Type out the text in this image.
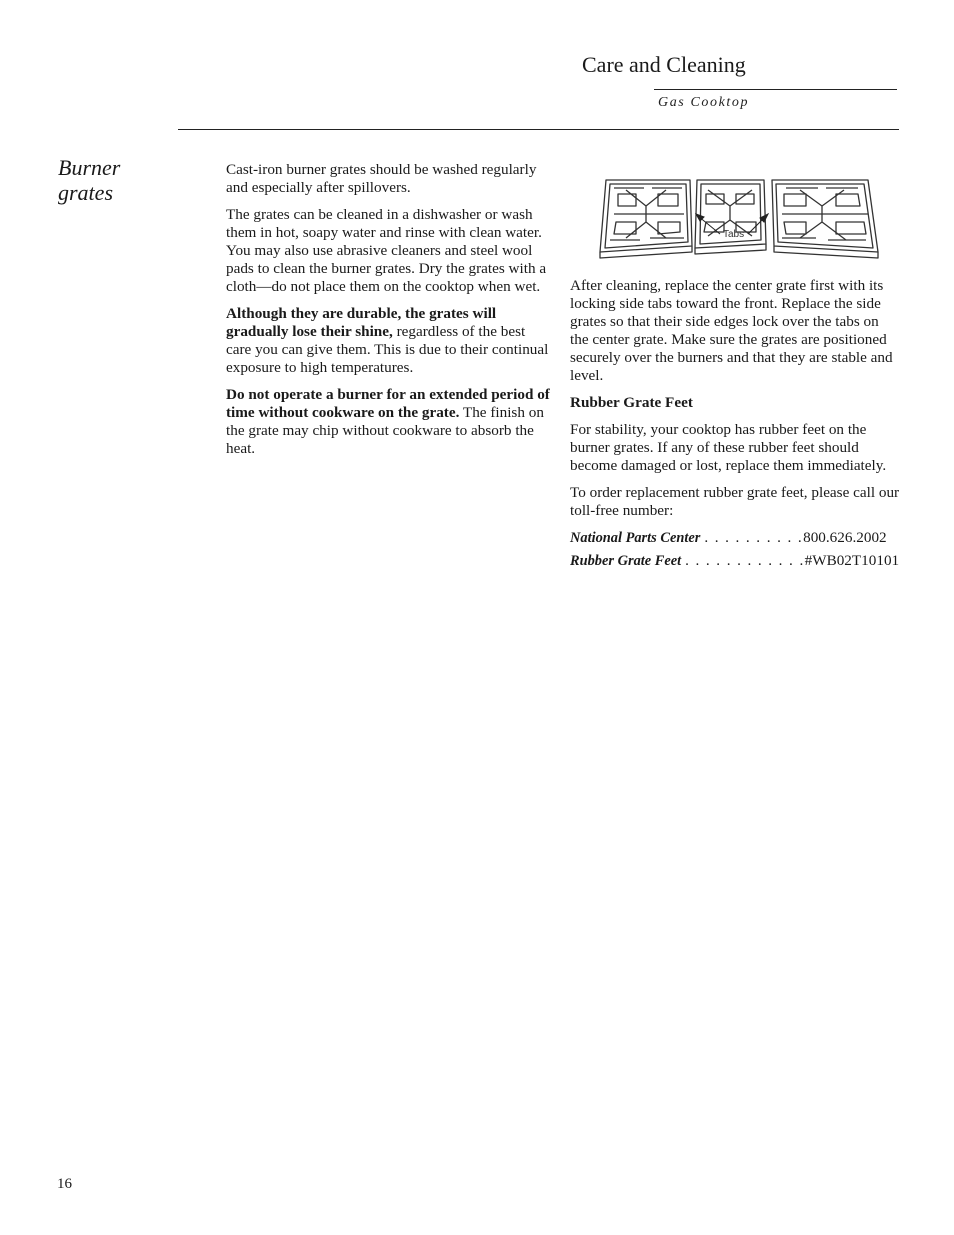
Care and Cleaning
Gas Cooktop
Burner grates

Cast-iron burner grates should be washed regularly and especially after spillovers.

The grates can be cleaned in a dishwasher or wash them in hot, soapy water and rinse with clean water. You may also use abrasive cleaners and steel wool pads to clean the burner grates. Dry the grates with a cloth—do not place them on the cooktop when wet.

Although they are durable, the grates will gradually lose their shine, regardless of the best care you can give them. This is due to their continual exposure to high temperatures.

Do not operate a burner for an extended period of time without cookware on the grate. The finish on the grate may chip without cookware to absorb the heat.

Tabs

After cleaning, replace the center grate first with its locking side tabs toward the front. Replace the side grates so that their side edges lock over the tabs on the center grate. Make sure the grates are positioned securely over the burners and that they are stable and level.

Rubber Grate Feet

For stability, your cooktop has rubber feet on the burner grates. If any of these rubber feet should become damaged or lost, replace them immediately.

To order replacement rubber grate feet, please call our toll-free number:

National Parts Center . . . . . . . . . . 800.626.2002
Rubber Grate Feet . . . . . . . . . . . . #WB02T10101
16
